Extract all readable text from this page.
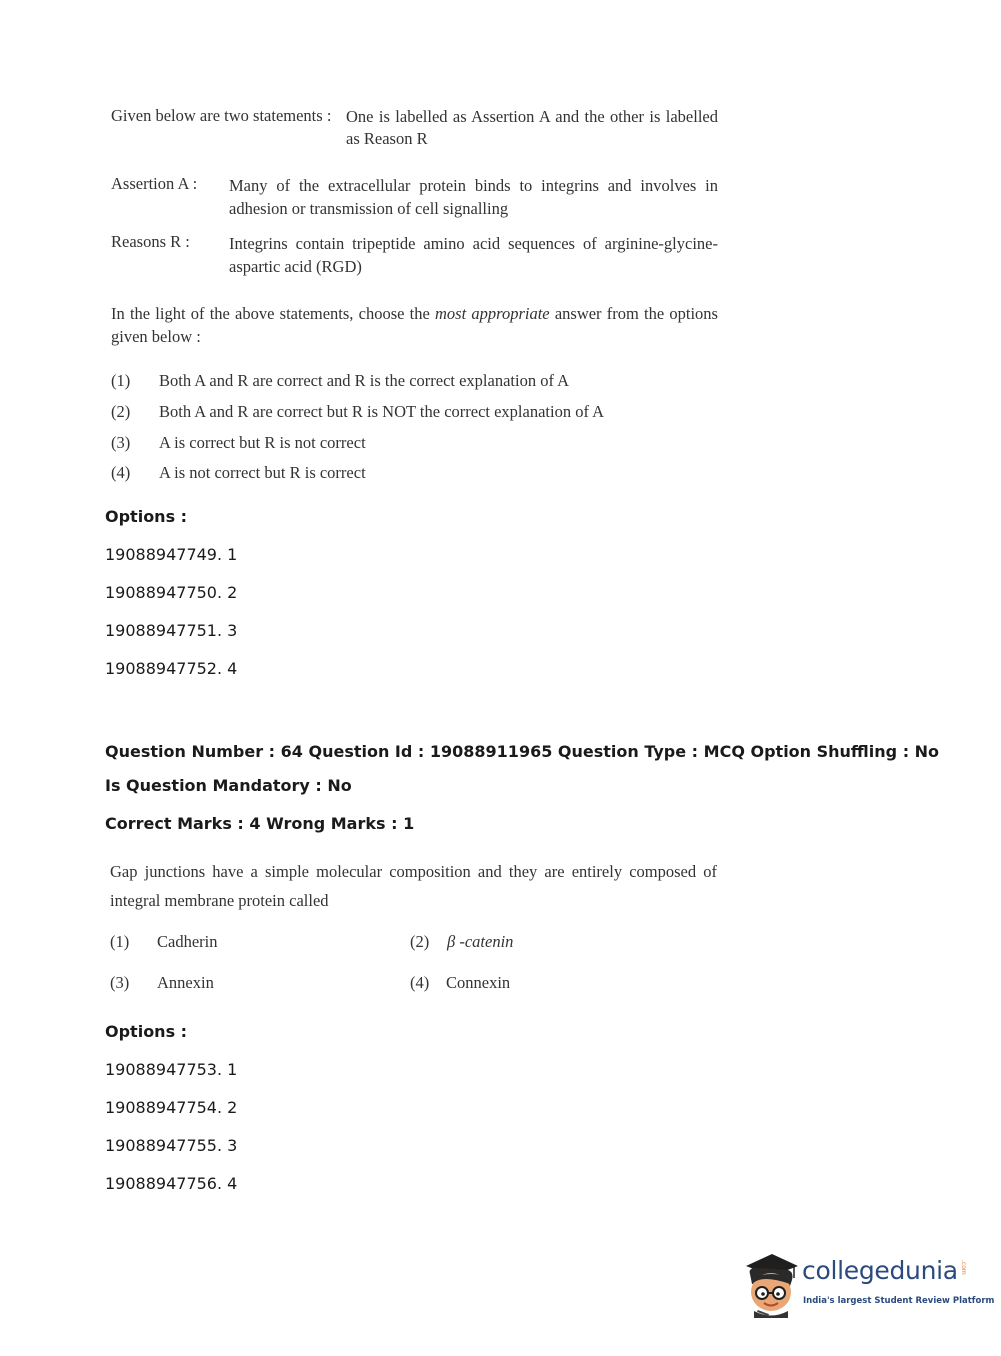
Given below are two statements : One is labelled as Assertion A and the other is labelled as Reason R
Assertion A : Many of the extracellular protein binds to integrins and involves in adhesion or transmission of cell signalling
Reasons R : Integrins contain tripeptide amino acid sequences of arginine-glycine-aspartic acid (RGD)
In the light of the above statements, choose the most appropriate answer from the options given below :
(1) Both A and R are correct and R is the correct explanation of A
(2) Both A and R are correct but R is NOT the correct explanation of A
(3) A is correct but R is not correct
(4) A is not correct but R is correct
Options :
19088947749. 1
19088947750. 2
19088947751. 3
19088947752. 4
Question Number : 64 Question Id : 19088911965 Question Type : MCQ Option Shuffling : No
Is Question Mandatory : No
Correct Marks : 4 Wrong Marks : 1
Gap junctions have a simple molecular composition and they are entirely composed of integral membrane protein called
(1) Cadherin	(2) β -catenin
(3) Annexin	(4) Connexin
Options :
19088947753. 1
19088947754. 2
19088947755. 3
19088947756. 4
collegedunia .com
India's largest Student Review Platform
